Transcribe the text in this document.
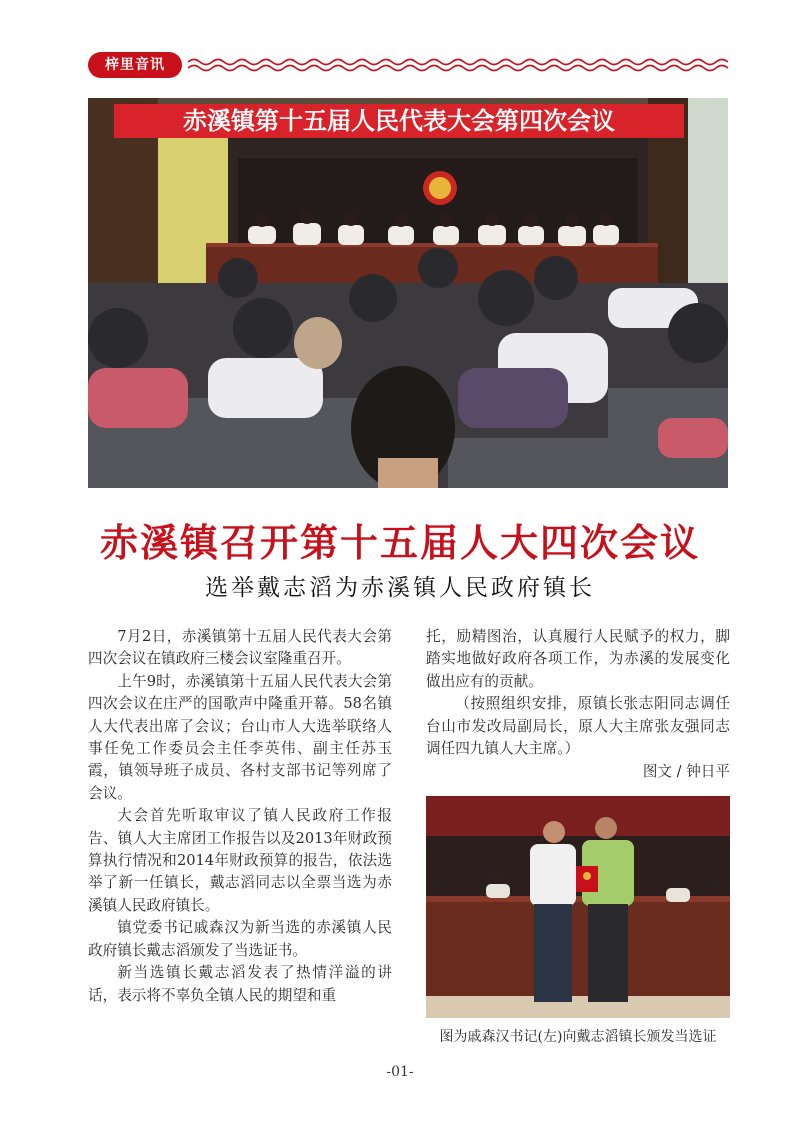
梓里音讯
赤溪镇第十五届人民代表大会第四次会议
赤溪镇召开第十五届人大四次会议
选举戴志滔为赤溪镇人民政府镇长

7月2日，赤溪镇第十五届人民代表大会第四次会议在镇政府三楼会议室隆重召开。

上午9时，赤溪镇第十五届人民代表大会第四次会议在庄严的国歌声中隆重开幕。58名镇人大代表出席了会议；台山市人大选举联络人事任免工作委员会主任李英伟、副主任苏玉霞，镇领导班子成员、各村支部书记等列席了会议。

大会首先听取审议了镇人民政府工作报告、镇人大主席团工作报告以及2013年财政预算执行情况和2014年财政预算的报告，依法选举了新一任镇长，戴志滔同志以全票当选为赤溪镇人民政府镇长。

镇党委书记戚森汉为新当选的赤溪镇人民政府镇长戴志滔颁发了当选证书。

新当选镇长戴志滔发表了热情洋溢的讲话，表示将不辜负全镇人民的期望和重

托，励精图治，认真履行人民赋予的权力，脚踏实地做好政府各项工作，为赤溪的发展变化做出应有的贡献。

（按照组织安排，原镇长张志阳同志调任台山市发改局副局长，原人大主席张友强同志调任四九镇人大主席。）

图文 / 钟日平

图为戚森汉书记(左)向戴志滔镇长颁发当选证
-01-
